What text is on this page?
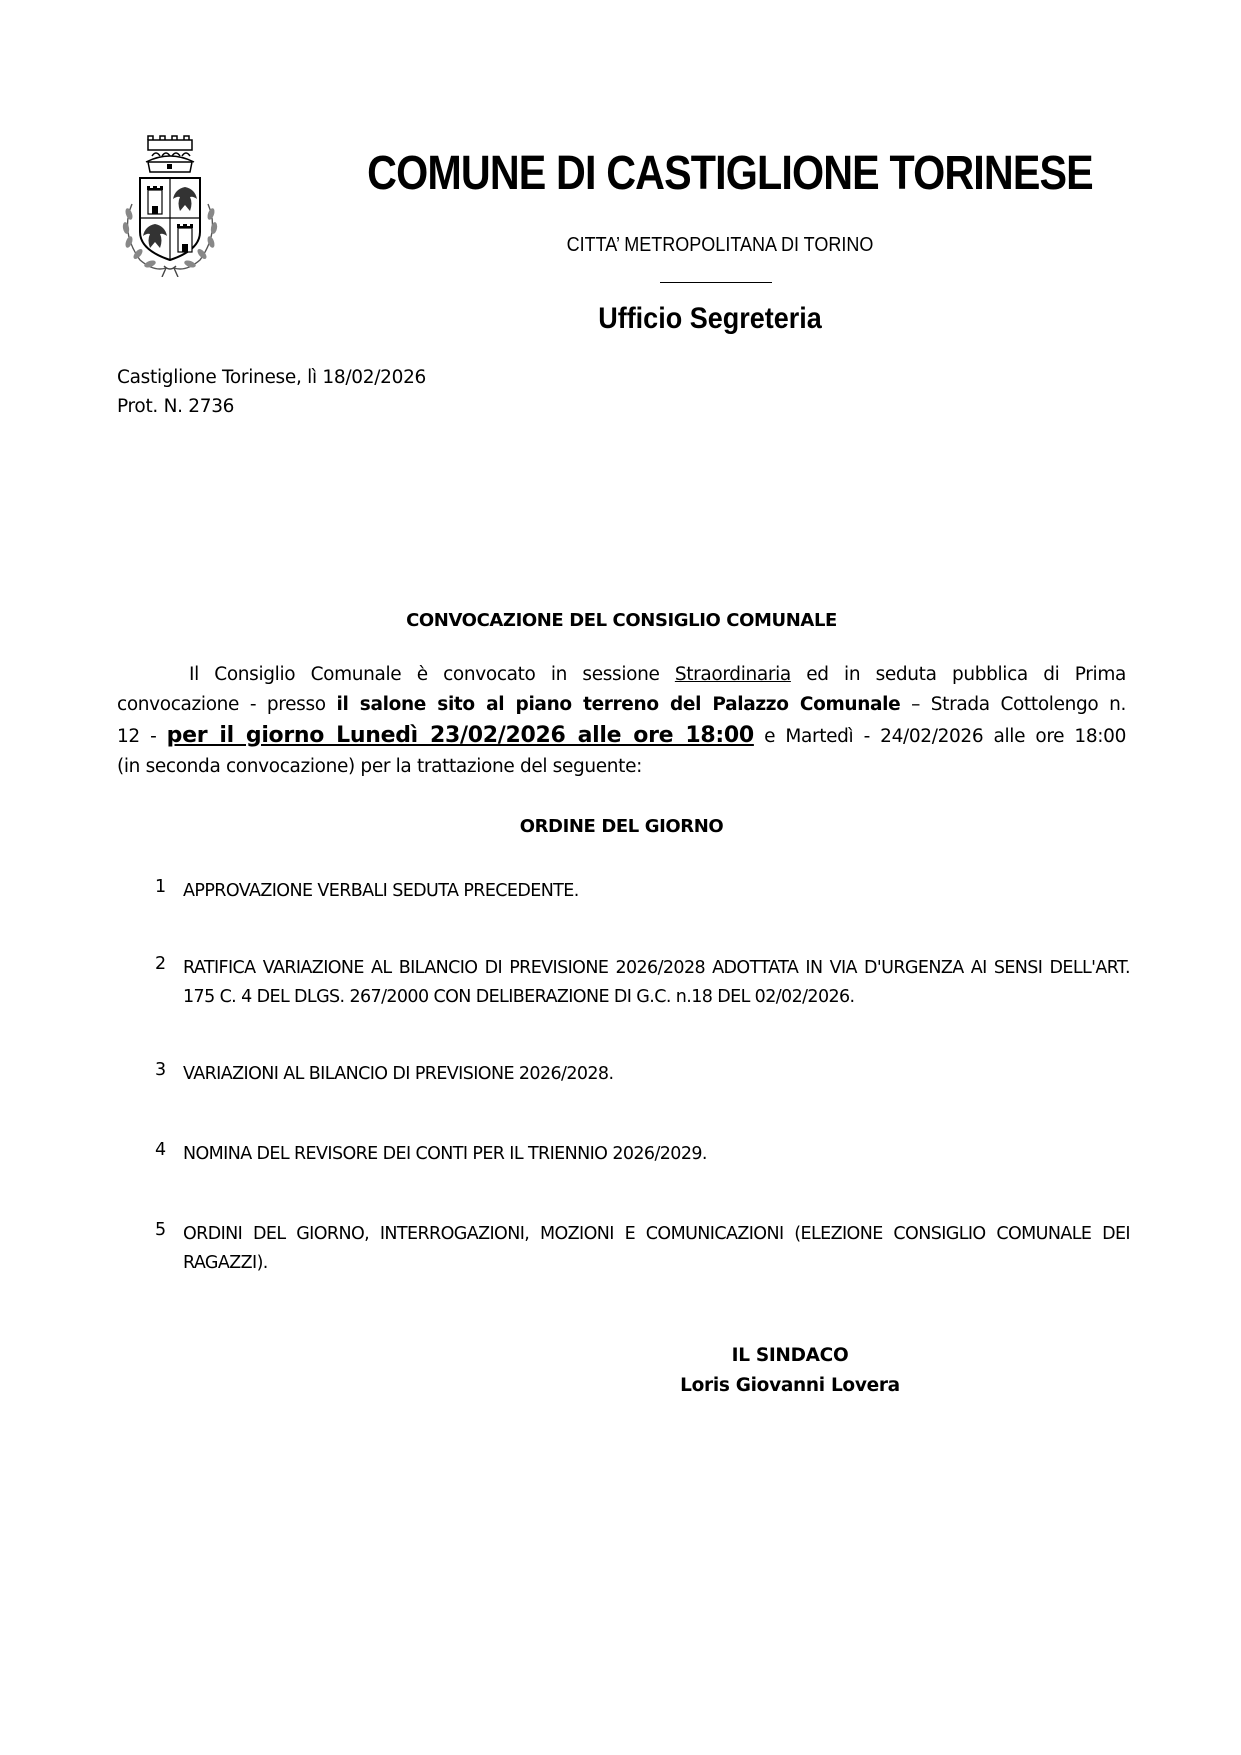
COMUNE DI CASTIGLIONE TORINESE
CITTA’ METROPOLITANA DI TORINO
Ufficio Segreteria
Castiglione Torinese, lì 18/02/2026
Prot. N. 2736
CONVOCAZIONE DEL CONSIGLIO COMUNALE
Il Consiglio Comunale è convocato in sessione Straordinaria ed in seduta pubblica di Prima
convocazione - presso il salone sito al piano terreno del Palazzo Comunale – Strada Cottolengo n.
12 - per il giorno Lunedì 23/02/2026 alle ore 18:00 e Martedì - 24/02/2026 alle ore 18:00
(in seconda convocazione) per la trattazione del seguente:
ORDINE DEL GIORNO
1 APPROVAZIONE VERBALI SEDUTA PRECEDENTE.
2 RATIFICA VARIAZIONE AL BILANCIO DI PREVISIONE 2026/2028 ADOTTATA IN VIA D'URGENZA AI SENSI DELL'ART. 175 C. 4 DEL DLGS. 267/2000 CON DELIBERAZIONE DI G.C. n.18 DEL 02/02/2026.
3 VARIAZIONI AL BILANCIO DI PREVISIONE 2026/2028.
4 NOMINA DEL REVISORE DEI CONTI PER IL TRIENNIO 2026/2029.
5 ORDINI DEL GIORNO, INTERROGAZIONI, MOZIONI E COMUNICAZIONI (ELEZIONE CONSIGLIO COMUNALE DEI RAGAZZI).
IL SINDACO
Loris Giovanni Lovera
